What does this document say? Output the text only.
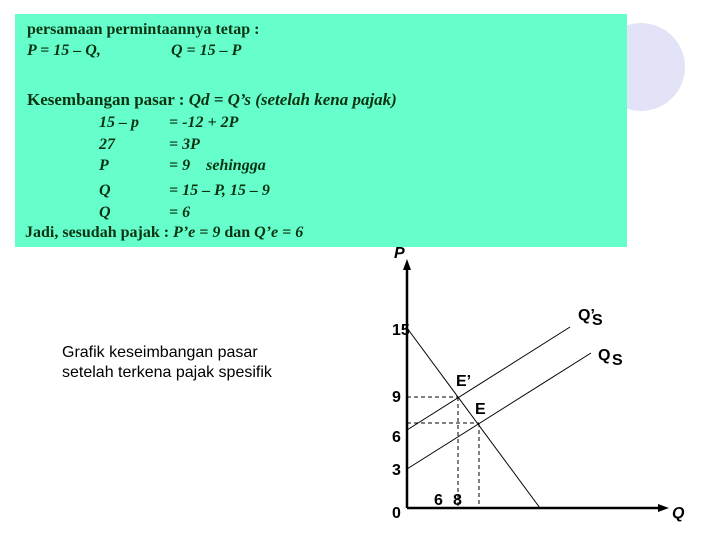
persamaan permintaannya tetap :
P = 15 – Q,	Q = 15 – P
Kesembangan pasar : Qd = Q’s (setelah kena pajak)
15 – p = -12 + 2P
27	= 3P
P	= 9    sehingga
Q	= 15 – P, 15 – 9
Q	= 6
Jadi, sesudah pajak : P’e = 9 dan Q’e = 6
Grafik keseimbangan pasar
setelah terkena pajak spesifik
P
Q
15
9
6
3
0
6 8
Q’
S
Q S
E’
E
